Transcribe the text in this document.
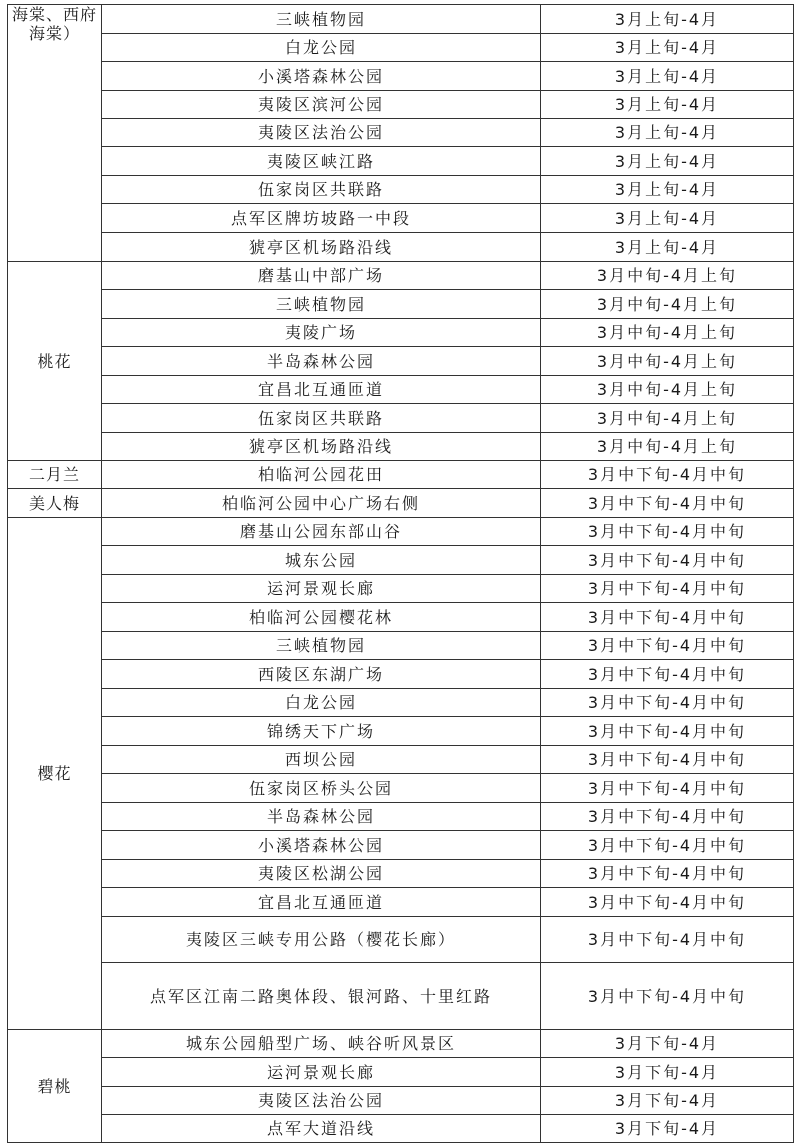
海棠、西府海棠）	三峡植物园	3月上旬-4月
	白龙公园	3月上旬-4月
	小溪塔森林公园	3月上旬-4月
	夷陵区滨河公园	3月上旬-4月
	夷陵区法治公园	3月上旬-4月
	夷陵区峡江路	3月上旬-4月
	伍家岗区共联路	3月上旬-4月
	点军区牌坊坡路一中段	3月上旬-4月
	猇亭区机场路沿线	3月上旬-4月
桃花	磨基山中部广场	3月中旬-4月上旬
	三峡植物园	3月中旬-4月上旬
	夷陵广场	3月中旬-4月上旬
	半岛森林公园	3月中旬-4月上旬
	宜昌北互通匝道	3月中旬-4月上旬
	伍家岗区共联路	3月中旬-4月上旬
	猇亭区机场路沿线	3月中旬-4月上旬
二月兰	柏临河公园花田	3月中下旬-4月中旬
美人梅	柏临河公园中心广场右侧	3月中下旬-4月中旬
樱花	磨基山公园东部山谷	3月中下旬-4月中旬
	城东公园	3月中下旬-4月中旬
	运河景观长廊	3月中下旬-4月中旬
	柏临河公园樱花林	3月中下旬-4月中旬
	三峡植物园	3月中下旬-4月中旬
	西陵区东湖广场	3月中下旬-4月中旬
	白龙公园	3月中下旬-4月中旬
	锦绣天下广场	3月中下旬-4月中旬
	西坝公园	3月中下旬-4月中旬
	伍家岗区桥头公园	3月中下旬-4月中旬
	半岛森林公园	3月中下旬-4月中旬
	小溪塔森林公园	3月中下旬-4月中旬
	夷陵区松湖公园	3月中下旬-4月中旬
	宜昌北互通匝道	3月中下旬-4月中旬
	夷陵区三峡专用公路（樱花长廊）	3月中下旬-4月中旬
	点军区江南二路奥体段、银河路、十里红路	3月中下旬-4月中旬
碧桃	城东公园船型广场、峡谷听风景区	3月下旬-4月
	运河景观长廊	3月下旬-4月
	夷陵区法治公园	3月下旬-4月
	点军大道沿线	3月下旬-4月
